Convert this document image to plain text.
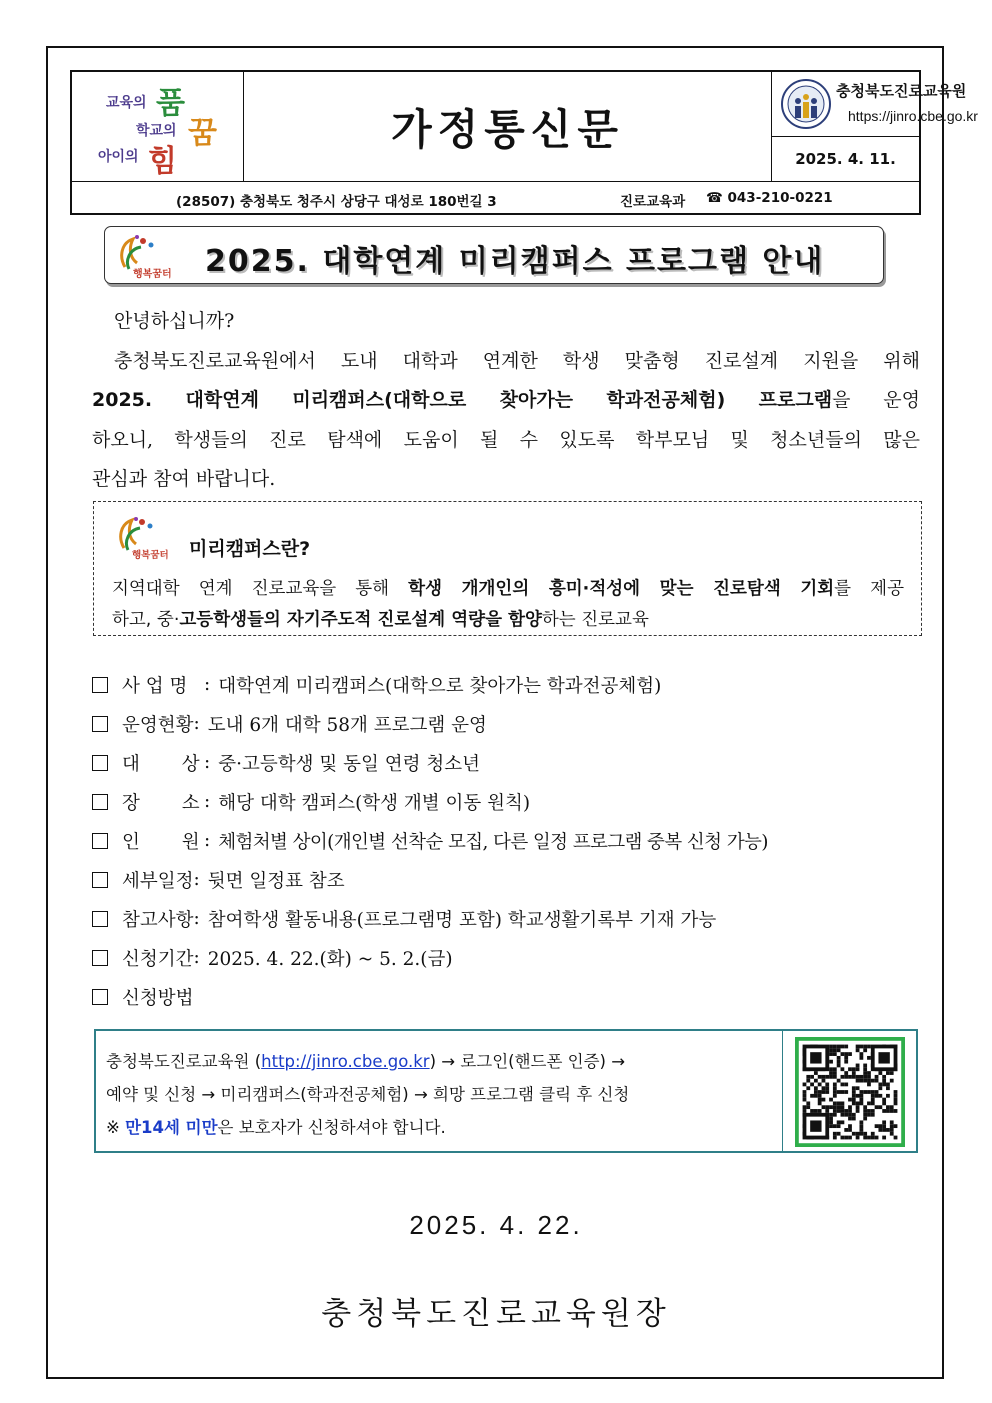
교육의 품
학교의 꿈
아이의 힘
가정통신문
충청북도진로교육원
https://jinro.cbe.go.kr
2025. 4. 11.
(28507) 충청북도 청주시 상당구 대성로 180번길 3	진로교육과 ☎ 043-210-0221
행복꿈터 2025. 대학연계 미리캠퍼스 프로그램 안내

안녕하십니까?

충청북도진로교육원에서 도내 대학과 연계한 학생 맞춤형 진로설계 지원을 위해

2025. 대학연계 미리캠퍼스(대학으로 찾아가는 학과전공체험) 프로그램을 운영

하오니, 학생들의 진로 탐색에 도움이 될 수 있도록 학부모님 및 청소년들의 많은

관심과 참여 바랍니다.

행복꿈터 미리캠퍼스란?
지역대학 연계 진로교육을 통해 학생 개개인의 흥미·적성에 맞는 진로탐색 기회를 제공
하고, 중·고등학생들의 자기주도적 진로설계 역량을 함양하는 진로교육
사 업 명 : 대학연계 미리캠퍼스(대학으로 찾아가는 학과전공체험)
운영현황 : 도내 6개 대학 58개 프로그램 운영
대 상 : 중·고등학생 및 동일 연령 청소년
장 소 : 해당 대학 캠퍼스(학생 개별 이동 원칙)
인 원 : 체험처별 상이(개인별 선착순 모집, 다른 일정 프로그램 중복 신청 가능)
세부일정 : 뒷면 일정표 참조
참고사항 : 참여학생 활동내용(프로그램명 포함) 학교생활기록부 기재 가능
신청기간 : 2025. 4. 22.(화) ~ 5. 2.(금)
신청방법
충청북도진로교육원 (http://jinro.cbe.go.kr) → 로그인(핸드폰 인증) →
예약 및 신청 → 미리캠퍼스(학과전공체험) → 희망 프로그램 클릭 후 신청
※ 만14세 미만은 보호자가 신청하셔야 합니다.
2025. 4. 22.
충청북도진로교육원장
